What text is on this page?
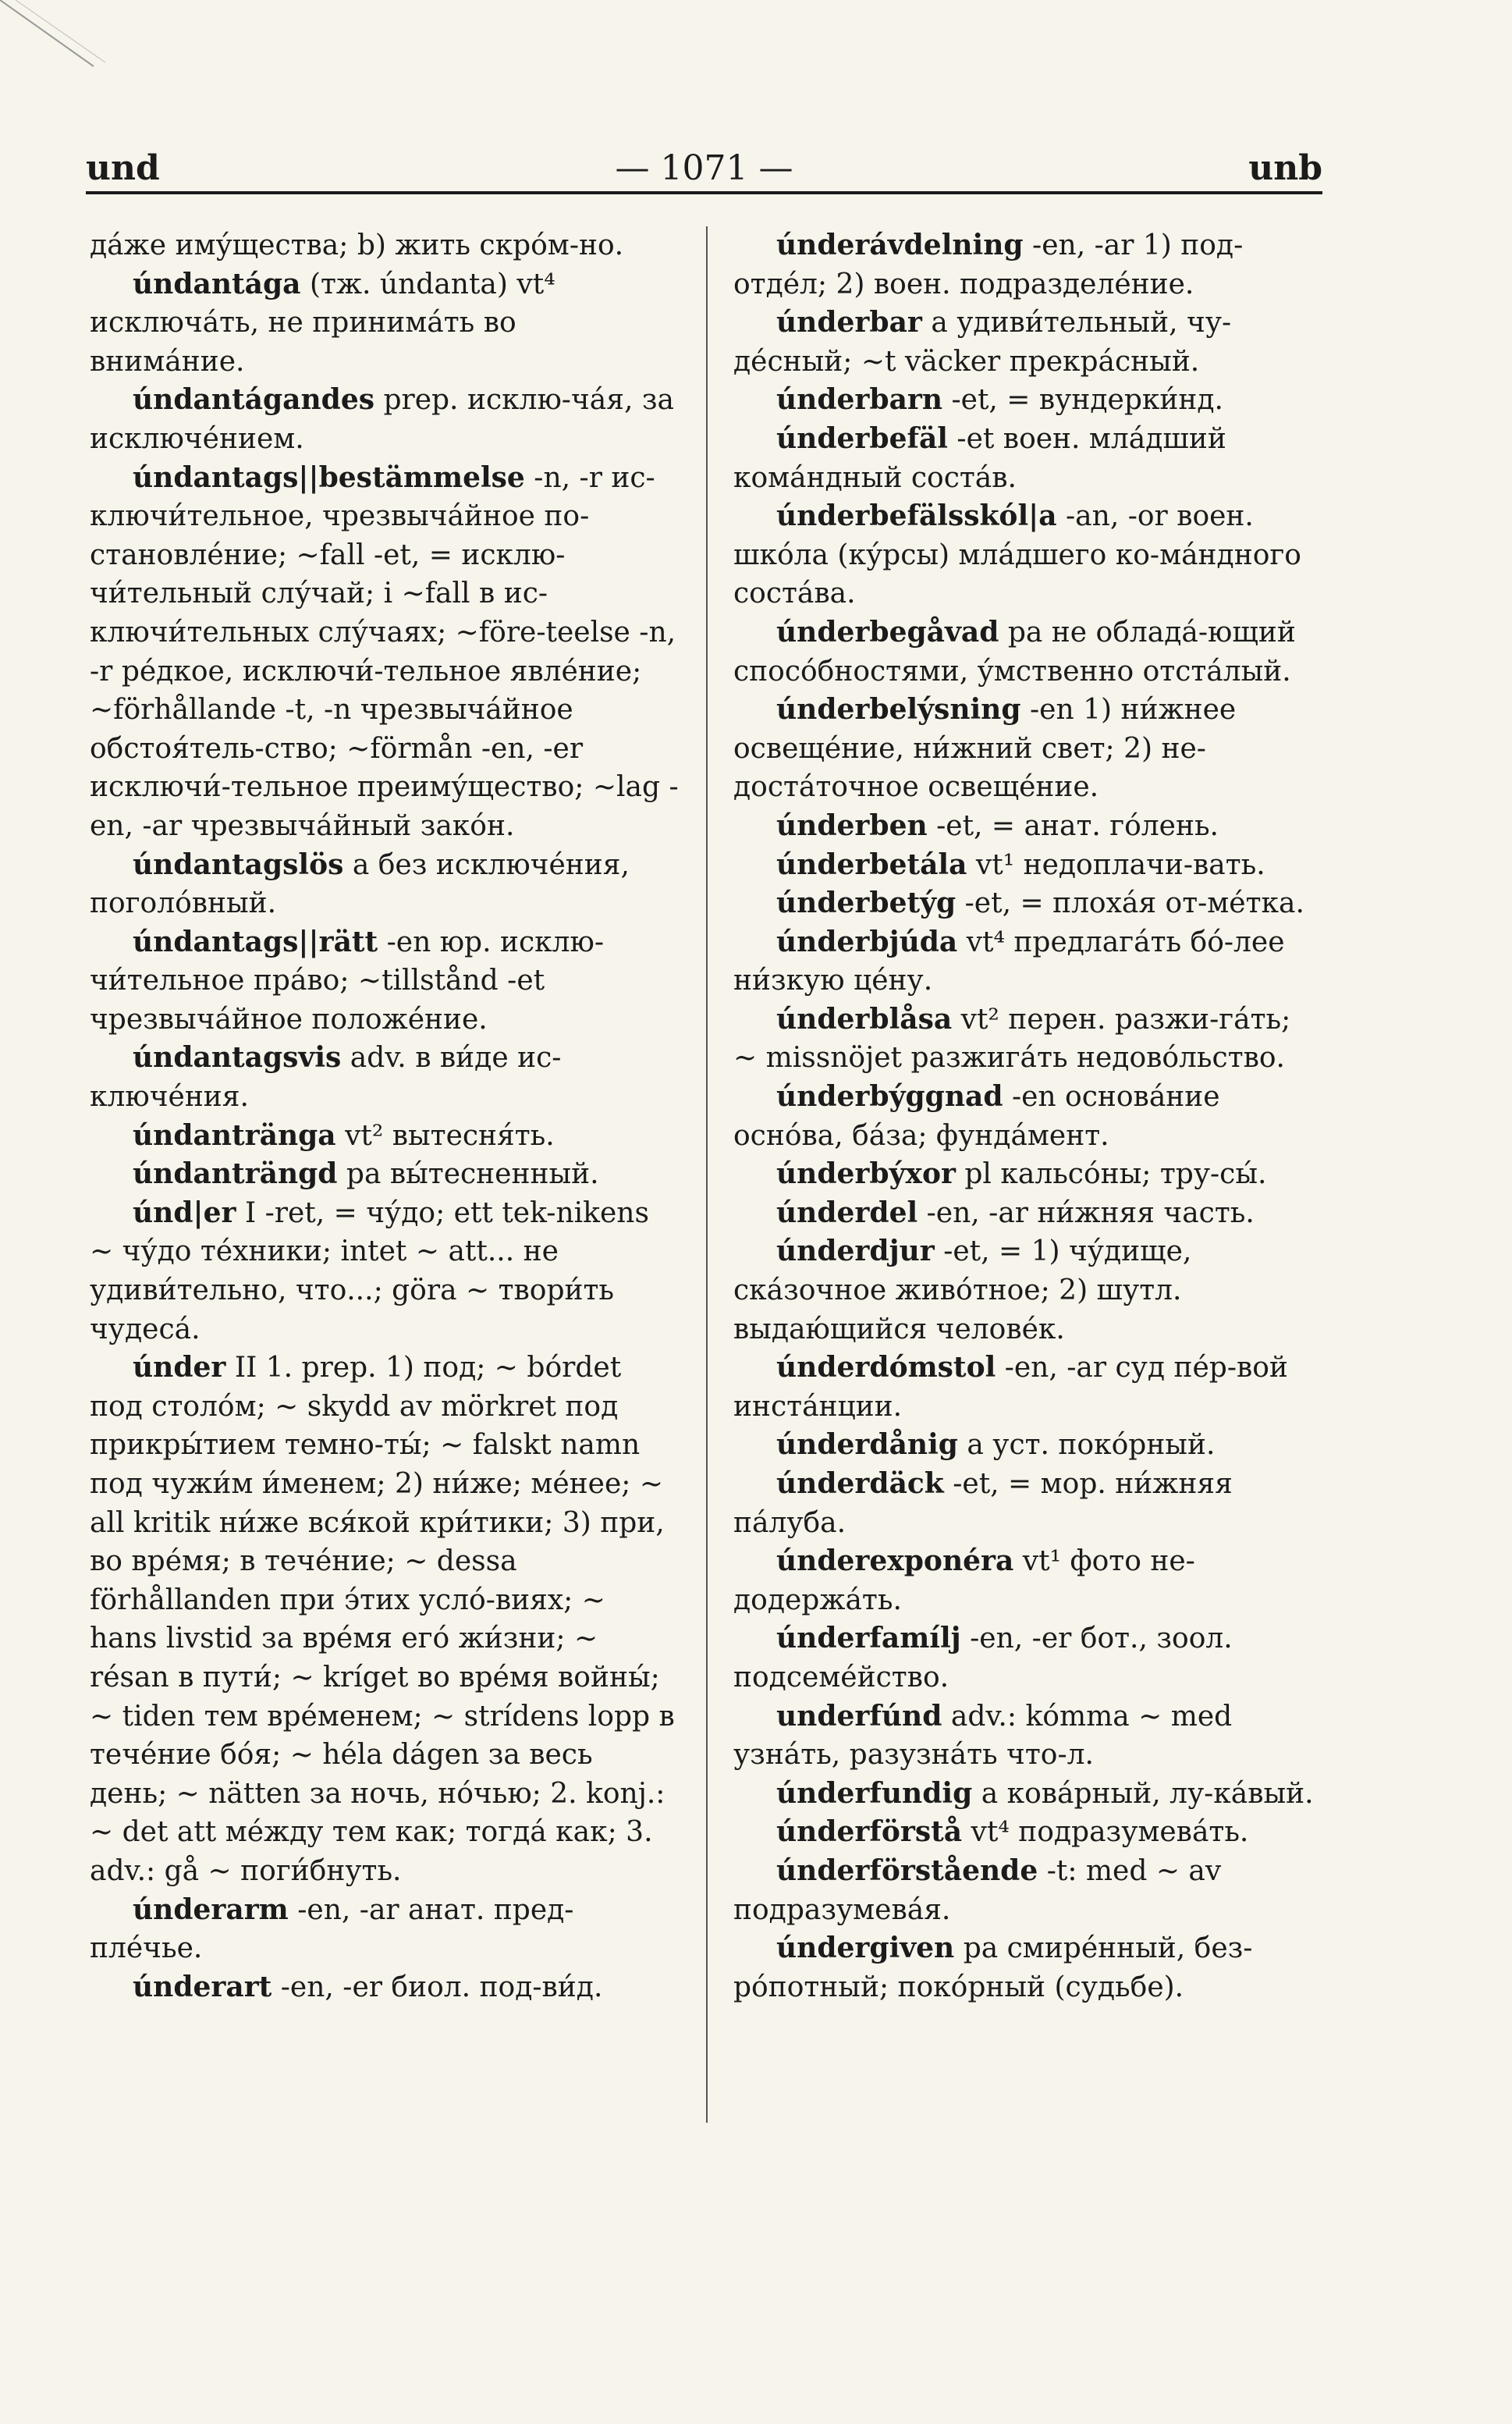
und	— 1071 —	unb

да́же иму́щества; b) жить скро́м-но.

úndantága (тж. úndanta) vt⁴ исключа́ть, не принима́ть во внима́ние.

úndantágandes prep. исклю-ча́я, за исключе́нием.

úndantags||bestämmelse -n, -r ис-ключи́тельное, чрезвыча́йное по-становле́ние; ~fall -et, = исклю-чи́тельный слу́чай; i ~fall в ис-ключи́тельных слу́чаях; ~före-teelse -n, -r ре́дкое, исключи́-тельное явле́ние; ~förhållande -t, -n чрезвыча́йное обстоя́тель-ство; ~förmån -en, -er исключи́-тельное преиму́щество; ~lag -en, -ar чрезвыча́йный зако́н.

úndantagslös a без исключе́ния, поголо́вный.

úndantags||rätt -en юр. исклю-чи́тельное пра́во; ~tillstånd -et чрезвыча́йное положе́ние.

úndantagsvis adv. в ви́де ис-ключе́ния.

úndantränga vt² вытесня́ть.

úndanträngd pa вы́тесненный.

únd|er I -ret, = чу́до; ett tek-nikens ~ чу́до те́хники; intet ~ att... не удиви́тельно, что...; göra ~ твори́ть чудеса́.

únder II 1. prep. 1) под; ~ bórdet под столо́м; ~ skydd av mörkret под прикры́тием темно-ты́; ~ falskt namn под чужи́м и́менем; 2) ни́же; ме́нее; ~ all kritik ни́же вся́кой кри́тики; 3) при, во вре́мя; в тече́ние; ~ dessa förhållanden при э́тих усло́-виях; ~ hans livstid за вре́мя его́ жи́зни; ~ résan в пути́; ~ kríget во вре́мя войны́; ~ tiden тем вре́менем; ~ strídens lopp в тече́ние бо́я; ~ héla dágen за весь день; ~ nätten за ночь, но́чью; 2. konj.: ~ det att ме́жду тем как; тогда́ как; 3. adv.: gå ~ поги́бнуть.

únderarm -en, -ar анат. пред-пле́чье.

únderart -en, -er биол. под-ви́д.

únderávdelning -en, -ar 1) под-отде́л; 2) воен. подразделе́ние.

únderbar a удиви́тельный, чу-де́сный; ~t väcker прекра́сный.

únderbarn -et, = вундерки́нд.

únderbefäl -et воен. мла́дший кома́ндный соста́в.

únderbefälsskól|a -an, -or воен. шко́ла (ку́рсы) мла́дшего ко-ма́ндного соста́ва.

únderbegåvad pa не облада́-ющий спосо́бностями, у́мственно отста́лый.

únderbelýsning -en 1) ни́жнее освеще́ние, ни́жний свет; 2) не-доста́точное освеще́ние.

únderben -et, = анат. го́лень.

únderbetála vt¹ недоплачи-вать.

únderbetýg -et, = плоха́я от-ме́тка.

únderbjúda vt⁴ предлага́ть бо́-лее ни́зкую це́ну.

únderblåsa vt² перен. разжи-га́ть; ~ missnöjet разжига́ть недово́льство.

únderbýggnad -en основа́ние осно́ва, ба́за; фунда́мент.

únderbýxor pl кальсо́ны; тру-сы́.

únderdel -en, -ar ни́жняя часть.

únderdjur -et, = 1) чу́дище, ска́зочное живо́тное; 2) шутл. выдаю́щийся челове́к.

únderdómstol -en, -ar суд пе́р-вой инста́нции.

únderdånig a уст. поко́рный.

únderdäck -et, = мор. ни́жняя па́луба.

únderexponéra vt¹ фото не-додержа́ть.

únderfamílj -en, -er бот., зоол. подсеме́йство.

underfúnd adv.: kómma ~ med узна́ть, разузна́ть что-л.

únderfundig a кова́рный, лу-ка́вый.

únderförstå vt⁴ подразумева́ть.

únderförstående -t: med ~ av подразумева́я.

úndergiven pa смире́нный, без-ро́потный; поко́рный (судьбе).
